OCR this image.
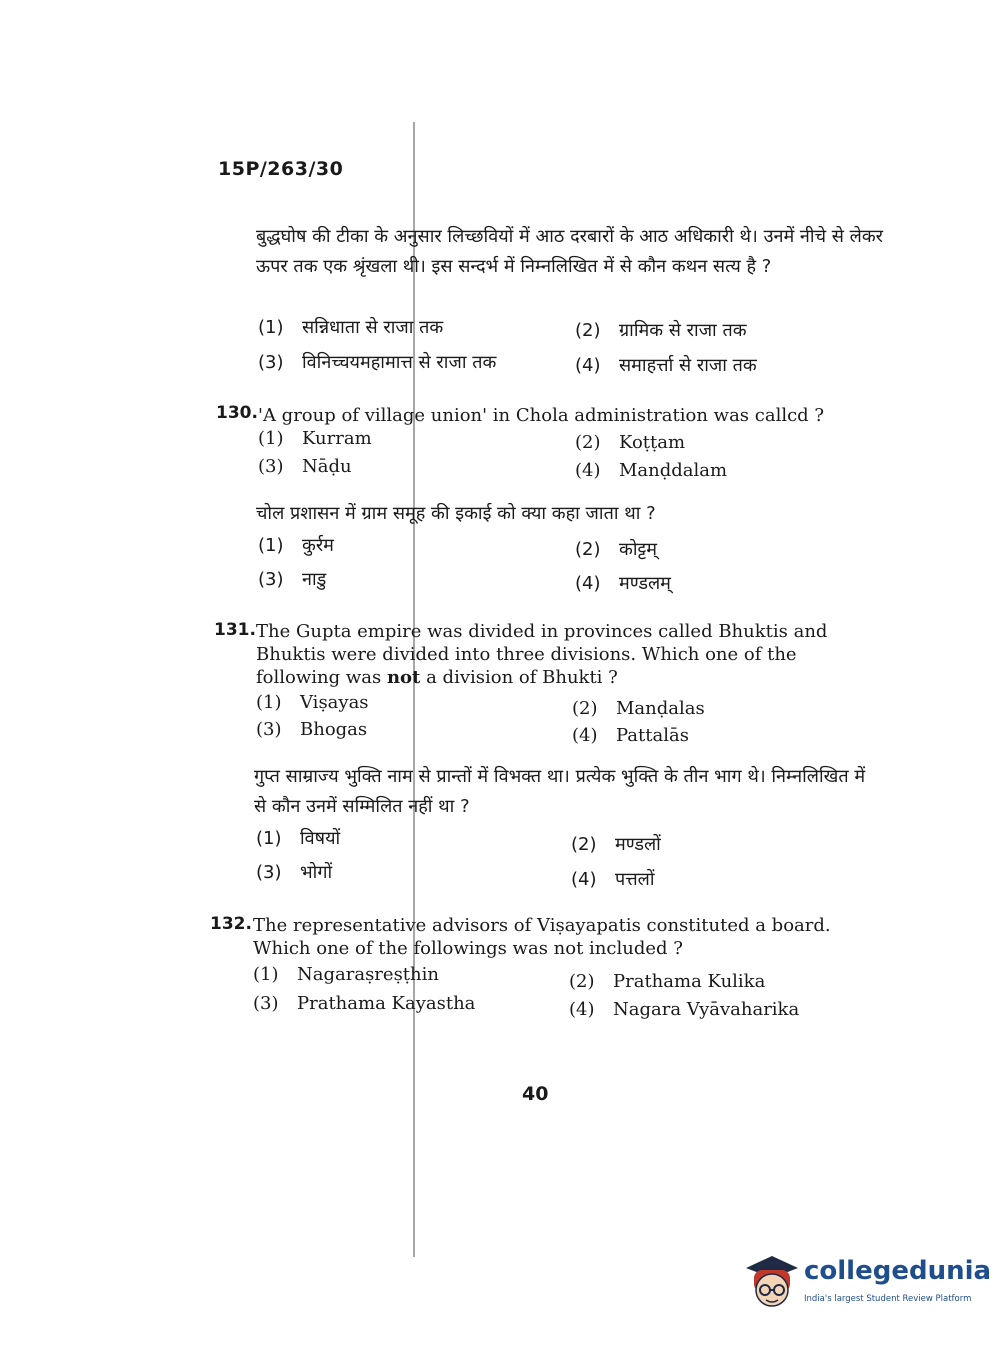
15P/263/30
बुद्धघोष की टीका के अनुसार लिच्छवियों में आठ दरबारों के आठ अधिकारी थे। उनमें नीचे से लेकर ऊपर तक एक श्रृंखला थी। इस सन्दर्भ में निम्नलिखित में से कौन कथन सत्य है ?
(1) सन्निधाता से राजा तक	(2) ग्रामिक से राजा तक
(3) विनिच्चयमहामात्त से राजा तक	(4) समाहर्त्ता से राजा तक
130. 'A group of village union' in Chola administration was callcd ?
(1) Kurram	(2) Koṭṭam
(3) Nāḍu	(4) Manḍdalam
चोल प्रशासन में ग्राम समूह की इकाई को क्या कहा जाता था ?
(1) कुर्रम	(2) कोट्टम्
(3) नाडु	(4) मण्डलम्
131. The Gupta empire was divided in provinces called Bhuktis and Bhuktis were divided into three divisions. Which one of the following was not a division of Bhukti ?
(1) Viṣayas	(2) Manḍalas
(3) Bhogas	(4) Pattalās
गुप्त साम्राज्य भुक्ति नाम से प्रान्तों में विभक्त था। प्रत्येक भुक्ति के तीन भाग थे। निम्नलिखित में से कौन उनमें सम्मिलित नहीं था ?
(1) विषयों	(2) मण्डलों
(3) भोगों	(4) पत्तलों
132. The representative advisors of Viṣayapatis constituted a board. Which one of the followings was not included ?
(1) Nagaraṣreṣṭhin	(2) Prathama Kulika
(3) Prathama Kayastha	(4) Nagara Vyāvaharika
40
collegedunia
India's largest Student Review Platform
